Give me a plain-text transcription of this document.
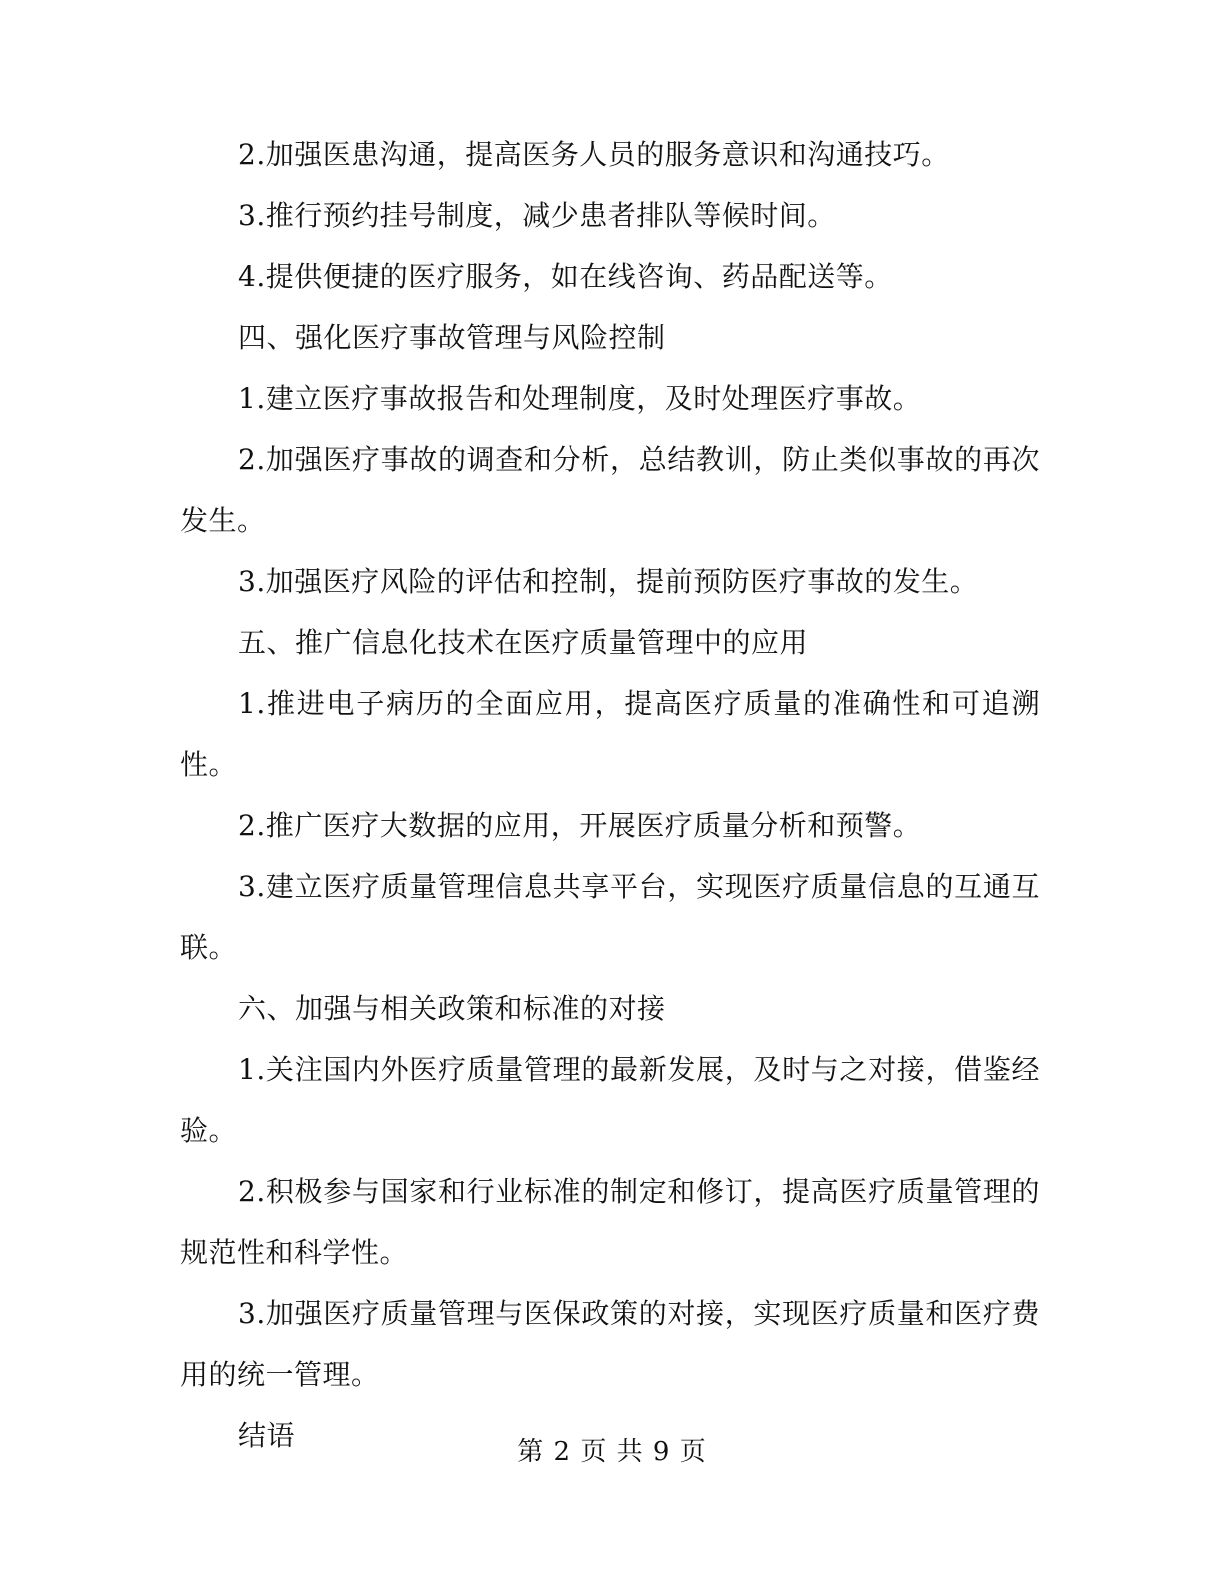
2.加强医患沟通，提高医务人员的服务意识和沟通技巧。

3.推行预约挂号制度，减少患者排队等候时间。

4.提供便捷的医疗服务，如在线咨询、药品配送等。

四、强化医疗事故管理与风险控制

1.建立医疗事故报告和处理制度，及时处理医疗事故。

2.加强医疗事故的调查和分析，总结教训，防止类似事故的再次发生。

3.加强医疗风险的评估和控制，提前预防医疗事故的发生。

五、推广信息化技术在医疗质量管理中的应用

1.推进电子病历的全面应用，提高医疗质量的准确性和可追溯性。

2.推广医疗大数据的应用，开展医疗质量分析和预警。

3.建立医疗质量管理信息共享平台，实现医疗质量信息的互通互联。

六、加强与相关政策和标准的对接

1.关注国内外医疗质量管理的最新发展，及时与之对接，借鉴经验。

2.积极参与国家和行业标准的制定和修订，提高医疗质量管理的规范性和科学性。

3.加强医疗质量管理与医保政策的对接，实现医疗质量和医疗费用的统一管理。

结语	第 2 页 共 9 页
